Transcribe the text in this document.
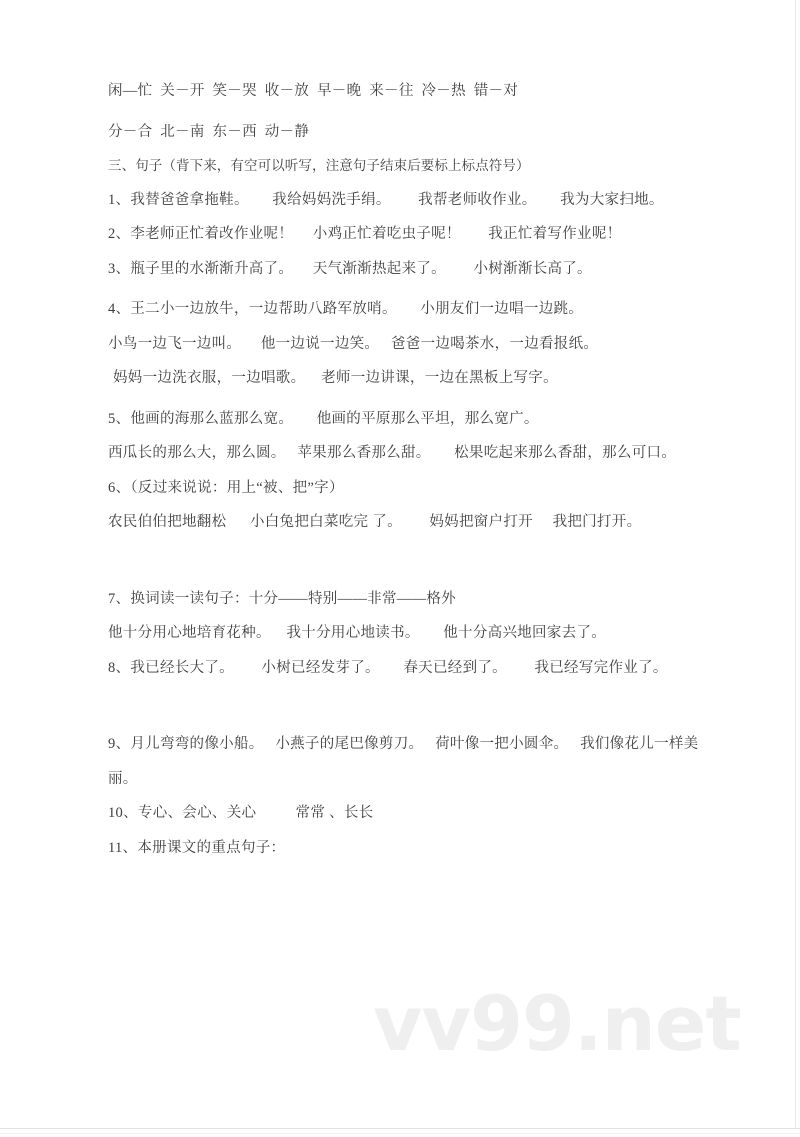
闲—忙  关－开  笑－哭  收－放  早－晚  来－往  冷－热  错－对

分－合  北－南  东－西  动－静

三、句子（背下来，有空可以听写，注意句子结束后要标上标点符号）

1、我替爸爸拿拖鞋。      我给妈妈洗手绢。       我帮老师收作业。      我为大家扫地。

2、李老师正忙着改作业呢！     小鸡正忙着吃虫子呢！       我正忙着写作业呢！

3、瓶子里的水渐渐升高了。     天气渐渐热起来了。       小树渐渐长高了。

4、王二小一边放牛，一边帮助八路军放哨。      小朋友们一边唱一边跳。

小鸟一边飞一边叫。     他一边说一边笑。   爸爸一边喝茶水，一边看报纸。

妈妈一边洗衣服，一边唱歌。    老师一边讲课，一边在黑板上写字。

5、他画的海那么蓝那么宽。      他画的平原那么平坦，那么宽广。

西瓜长的那么大，那么圆。   苹果那么香那么甜。      松果吃起来那么香甜，那么可口。

6、（反过来说说：用上“被、把”字）

农民伯伯把地翻松      小白兔把白菜吃完 了。       妈妈把窗户打开     我把门打开。

7、换词读一读句子：十分——特别——非常——格外

他十分用心地培育花种。    我十分用心地读书。      他十分高兴地回家去了。

8、我已经长大了。       小树已经发芽了。      春天已经到了。       我已经写完作业了。

9、月儿弯弯的像小船。   小燕子的尾巴像剪刀。   荷叶像一把小圆伞。   我们像花儿一样美

丽。

10、专心、会心、关心          常常 、长长

11、本册课文的重点句子：

vv99.net
